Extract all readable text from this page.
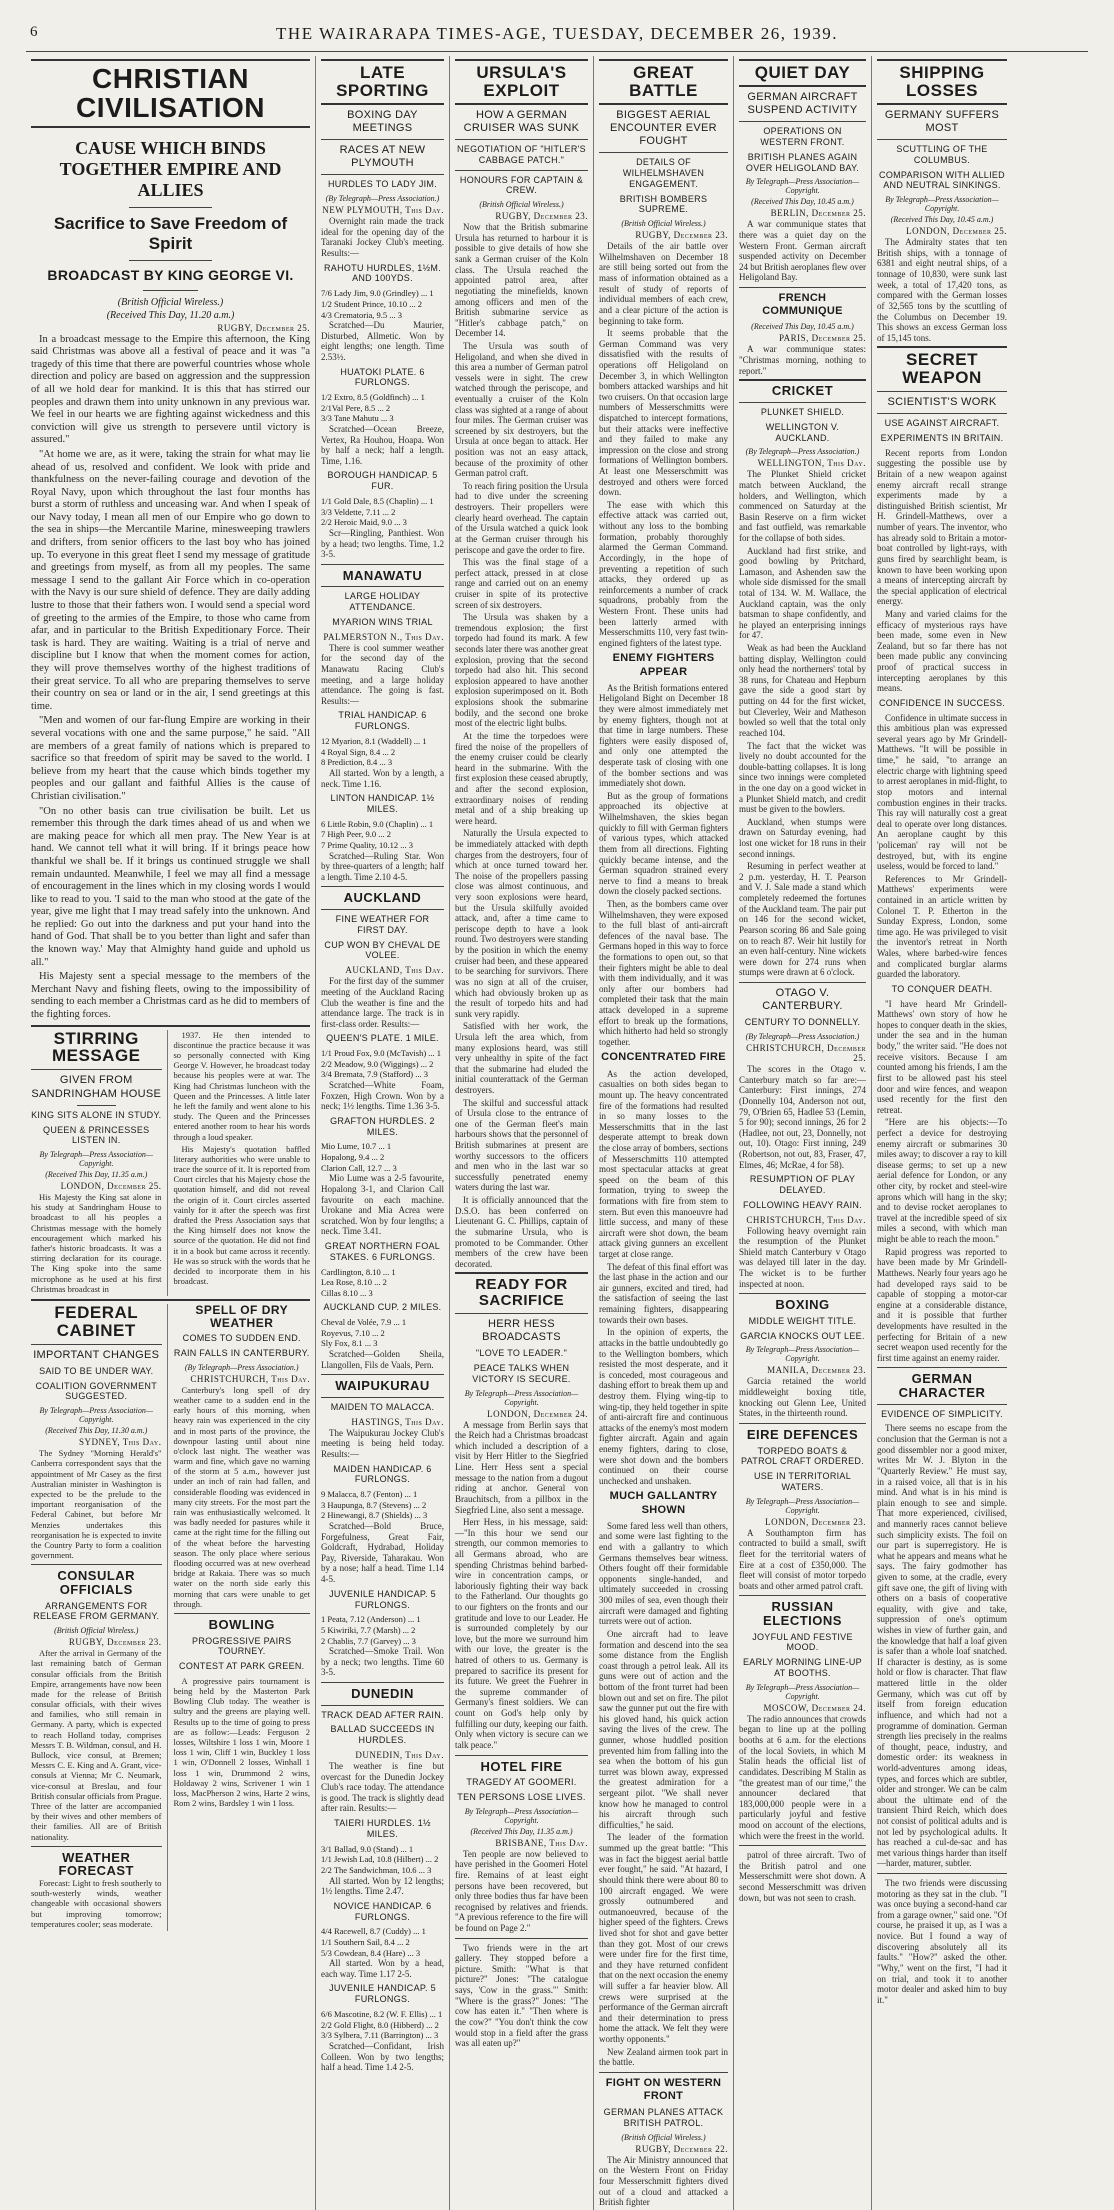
6	THE WAIRARAPA TIMES-AGE, TUESDAY, DECEMBER 26, 1939.
CHRISTIAN CIVILISATION
CAUSE WHICH BINDS TOGETHER EMPIRE AND ALLIES
Sacrifice to Save Freedom of Spirit
BROADCAST BY KING GEORGE VI.
(British Official Wireless.)
(Received This Day, 11.20 a.m.)
RUGBY, December 25.

In a broadcast message to the Empire this afternoon, the King said Christmas was above all a festival of peace and it was "a tragedy of this time that there are powerful countries whose whole direction and policy are based on aggression and the suppression of all we hold dear for mankind. It is this that has stirred our peoples and drawn them into unity unknown in any previous war. We feel in our hearts we are fighting against wickedness and this conviction will give us strength to persevere until victory is assured."

"At home we are, as it were, taking the strain for what may lie ahead of us, resolved and confident. We look with pride and thankfulness on the never-failing courage and devotion of the Royal Navy, upon which throughout the last four months has burst a storm of ruthless and unceasing war. And when I speak of our Navy today, I mean all men of our Empire who go down to the sea in ships—the Mercantile Marine, minesweeping trawlers and drifters, from senior officers to the last boy who has joined up. To everyone in this great fleet I send my message of gratitude and greetings from myself, as from all my peoples. The same message I send to the gallant Air Force which in co-operation with the Navy is our sure shield of defence. They are daily adding lustre to those that their fathers won. I would send a special word of greeting to the armies of the Empire, to those who came from afar, and in particular to the British Expeditionary Force. Their task is hard. They are waiting. Waiting is a trial of nerve and discipline but I know that when the moment comes for action, they will prove themselves worthy of the highest traditions of their great service. To all who are preparing themselves to serve their country on sea or land or in the air, I send greetings at this time.

"Men and women of our far-flung Empire are working in their several vocations with one and the same purpose," he said. "All are members of a great family of nations which is prepared to sacrifice so that freedom of spirit may be saved to the world. I believe from my heart that the cause which binds together my peoples and our gallant and faithful Allies is the cause of Christian civilisation."

"On no other basis can true civilisation be built. Let us remember this through the dark times ahead of us and when we are making peace for which all men pray. The New Year is at hand. We cannot tell what it will bring. If it brings peace how thankful we shall be. If it brings us continued struggle we shall remain undaunted. Meanwhile, I feel we may all find a message of encouragement in the lines which in my closing words I would like to read to you. 'I said to the man who stood at the gate of the year, give me light that I may tread safely into the unknown. And he replied: Go out into the darkness and put your hand into the hand of God. That shall be to you better than light and safer than the known way.' May that Almighty hand guide and uphold us all."

His Majesty sent a special message to the members of the Merchant Navy and fishing fleets, owing to the impossibility of sending to each member a Christmas card as he did to members of the fighting forces.

STIRRING MESSAGE
GIVEN FROM SANDRINGHAM HOUSE
KING SITS ALONE IN STUDY.
QUEEN & PRINCESSES LISTEN IN.
By Telegraph—Press Association—Copyright.
(Received This Day, 11.35 a.m.)
LONDON, December 25.

His Majesty the King sat alone in his study at Sandringham House to broadcast to all his peoples a Christmas message with the homely encouragement which marked his father's historic broadcasts. It was a stirring declaration for its courage. The King spoke into the same microphone as he used at his first Christmas broadcast in

1937. He then intended to discontinue the practice because it was so personally connected with King George V. However, he broadcast today because his peoples were at war. The King had Christmas luncheon with the Queen and the Princesses. A little later he left the family and went alone to his study. The Queen and the Princesses entered another room to hear his words through a loud speaker.

His Majesty's quotation baffled literary authorities who were unable to trace the source of it. It is reported from Court circles that his Majesty chose the quotation himself, and did not reveal the origin of it. Court circles asserted vainly for it after the speech was first drafted the Press Association says that the King himself does not know the source of the quotation. He did not find it in a book but came across it recently. He was so struck with the words that he decided to incorporate them in his broadcast.

FEDERAL CABINET
IMPORTANT CHANGES
SAID TO BE UNDER WAY.
COALITION GOVERNMENT SUGGESTED.
By Telegraph—Press Association—Copyright.
(Received This Day, 11.30 a.m.)
SYDNEY, This Day.

The Sydney "Morning Herald's" Canberra correspondent says that the appointment of Mr Casey as the first Australian minister in Washington is expected to be the prelude to the important reorganisation of the Federal Cabinet, but before Mr Menzies undertakes this reorganisation he is expected to invite the Country Party to form a coalition government.

CONSULAR OFFICIALS
ARRANGEMENTS FOR RELEASE FROM GERMANY.
(British Official Wireless.)
RUGBY, December 23.

After the arrival in Germany of the last remaining batch of German consular officials from the British Empire, arrangements have now been made for the release of British consular officials, with their wives and families, who still remain in Germany. A party, which is expected to reach Holland today, comprises Messrs T. B. Wildman, consul, and H. Bullock, vice consul, at Bremen; Messrs C. E. King and A. Grant, vice-consuls at Vienna; Mr C. Neumark, vice-consul at Breslau, and four British consular officials from Prague. Three of the latter are accompanied by their wives and other members of their families. All are of British nationality.

WEATHER FORECAST

Forecast: Light to fresh southerly to south-westerly winds, weather changeable with occasional showers but improving tomorrow; temperatures cooler; seas moderate.

SPELL OF DRY WEATHER
COMES TO SUDDEN END.
RAIN FALLS IN CANTERBURY.
(By Telegraph—Press Association.)
CHRISTCHURCH, This Day.

Canterbury's long spell of dry weather came to a sudden end in the early hours of this morning, when heavy rain was experienced in the city and in most parts of the province, the downpour lasting until about nine o'clock last night. The weather was warm and fine, which gave no warning of the storm at 5 a.m., however just under an inch of rain had fallen, and considerable flooding was evidenced in many city streets. For the most part the rain was enthusiastically welcomed. It was badly needed for pastures while it came at the right time for the filling out of the wheat before the harvesting season. The only place where serious flooding occurred was at new overhead bridge at Rakaia. There was so much water on the north side early this morning that cars were unable to get through.

BOWLING
PROGRESSIVE PAIRS TOURNEY.
CONTEST AT PARK GREEN.

A progressive pairs tournament is being held by the Masterton Park Bowling Club today. The weather is sultry and the greens are playing well. Results up to the time of going to press are as follow:—Leads: Ferguson 2 losses, Wiltshire 1 loss 1 win, Moore 1 loss 1 win, Cliff 1 win, Buckley 1 loss 1 win, O'Donnell 2 losses, Winhall 1 loss 1 win, Drummond 2 wins, Holdaway 2 wins, Scrivener 1 win 1 loss, MacPherson 2 wins, Harte 2 wins, Rom 2 wins, Bardsley 1 win 1 loss.

LATE SPORTING
BOXING DAY MEETINGS
RACES AT NEW PLYMOUTH
HURDLES TO LADY JIM.
(By Telegraph—Press Association.)
NEW PLYMOUTH, This Day.

Overnight rain made the track ideal for the opening day of the Taranaki Jockey Club's meeting. Results:—

RAHOTU HURDLES, 1½M. AND 100YDS.
7/6 Lady Jim, 9.0 (Grindley) ... 1
1/2 Student Prince, 10.10 ... 2
4/3 Crematoria, 9.5 ... 3

Scratched—Du Maurier, Disturbed, Allmetic. Won by eight lengths; one length. Time 2.53½.

HUATOKI PLATE. 6 FURLONGS.
1/2 Extro, 8.5 (Goldfinch) ... 1
2/1Val Pere, 8.5 ... 2
3/3 Tane Mahutu ... 3

Scratched—Ocean Breeze, Vertex, Ra Houhou, Hoapa. Won by half a neck; half a length. Time, 1.16.

BOROUGH HANDICAP. 5 FUR.
1/1 Gold Dale, 8.5 (Chaplin) ... 1
3/3 Veldette, 7.11 ... 2
2/2 Heroic Maid, 9.0 ... 3

Scr—Ringling, Panthiest. Won by a head; two lengths. Time, 1.2 3-5.

MANAWATU
LARGE HOLIDAY ATTENDANCE.
MYARION WINS TRIAL
PALMERSTON N., This Day.

There is cool summer weather for the second day of the Manawatu Racing Club's meeting, and a large holiday attendance. The going is fast. Results:—

TRIAL HANDICAP. 6 FURLONGS.
12 Myarion, 8.1 (Waddell) ... 1
4 Royal Sign, 8.4 ... 2
8 Prediction, 8.4 ... 3

All started. Won by a length, a neck. Time 1.16.

LINTON HANDICAP. 1½ MILES.
6 Little Robin, 9.0 (Chaplin) ... 1
7 High Peer, 9.0 ... 2
7 Prime Quality, 10.12 ... 3

Scratched—Ruling Star. Won by three-quarters of a length; half a length. Time 2.10 4-5.

AUCKLAND
FINE WEATHER FOR FIRST DAY.
CUP WON BY CHEVAL DE VOLEE.
AUCKLAND, This Day.

For the first day of the summer meeting of the Auckland Racing Club the weather is fine and the attendance large. The track is in first-class order. Results:—

QUEEN'S PLATE. 1 MILE.
1/1 Proud Fox, 9.0 (McTavish) ... 1
2/2 Meadow, 9.0 (Wiggings) ... 2
3/4 Bremata, 7.9 (Stafford) ... 3

Scratched—White Foam, Foxzen, High Crown. Won by a neck; 1½ lengths. Time 1.36 3-5.

GRAFTON HURDLES. 2 MILES.
Mio Lume, 10.7 ... 1
Hopalong, 9.4 ... 2
Clarion Call, 12.7 ... 3

Mio Lume was a 2-5 favourite, Hopalong 3-1, and Clarion Call favourite on each machine. Urokane and Mia Acrea were scratched. Won by four lengths; a neck. Time 3.41.

GREAT NORTHERN FOAL STAKES. 6 FURLONGS.
Cardlington, 8.10 ... 1
Lea Rose, 8.10 ... 2
Cillas 8.10 ... 3
AUCKLAND CUP. 2 MILES.
Cheval de Volée, 7.9 ... 1
Royevus, 7.10 ... 2
Sly Fox, 8.1 ... 3

Scratched—Golden Sheila, Llangollen, Fils de Vaals, Pern.

WAIPUKURAU
MAIDEN TO MALACCA.
HASTINGS, This Day.

The Waipukurau Jockey Club's meeting is being held today. Results:—

MAIDEN HANDICAP. 6 FURLONGS.
9 Malacca, 8.7 (Fenton) ... 1
3 Haupunga, 8.7 (Stevens) ... 2
2 Hinewangi, 8.7 (Shields) ... 3

Scratched—Bold Bruce, Forgefulness, Great Fair, Goldcraft, Hydrabad, Holiday Pay, Riverside, Taharakau. Won by a nose; half a head. Time 1.14 4-5.

JUVENILE HANDICAP. 5 FURLONGS.
1 Peata, 7.12 (Anderson) ... 1
5 Kiwiriki, 7.7 (Marsh) ... 2
2 Chablis, 7.7 (Garvey) ... 3

Scratched—Smoke Trail. Won by a neck; two lengths. Time 60 3-5.

DUNEDIN
TRACK DEAD AFTER RAIN.
BALLAD SUCCEEDS IN HURDLES.
DUNEDIN, This Day.

The weather is fine but overcast for the Dunedin Jockey Club's race today. The attendance is good. The track is slightly dead after rain. Results:—

TAIERI HURDLES. 1½ MILES.
3/1 Ballad, 9.0 (Stand) ... 1
1/1 Jewish Lad, 10.8 (Hilbert) ... 2
2/2 The Sandwichman, 10.6 ... 3

All started. Won by 12 lengths; 1½ lengths. Time 2.47.

NOVICE HANDICAP. 6 FURLONGS.
4/4 Racewell, 8.7 (Cuddy) ... 1
1/1 Southern Sail, 8.4 ... 2
5/3 Cowdean, 8.4 (Hare) ... 3

All started. Won by a head, each way. Time 1.17 2-5.

JUVENILE HANDICAP. 5 FURLONGS.
6/6 Mascotine, 8.2 (W. F. Ellis) ... 1
2/2 Gold Flight, 8.0 (Hibberd) ... 2
3/3 Sylbera, 7.11 (Barrington) ... 3

Scratched—Confidant, Irish Colleen. Won by two lengths; half a head. Time 1.4 2-5.

URSULA'S EXPLOIT
HOW A GERMAN CRUISER WAS SUNK
NEGOTIATION OF "HITLER'S CABBAGE PATCH."
HONOURS FOR CAPTAIN & CREW.
(British Official Wireless.)
RUGBY, December 23.

Now that the British submarine Ursula has returned to harbour it is possible to give details of how she sank a German cruiser of the Koln class. The Ursula reached the appointed patrol area, after negotiating the minefields, known among officers and men of the British submarine service as "Hitler's cabbage patch," on December 14.

The Ursula was south of Heligoland, and when she dived in this area a number of German patrol vessels were in sight. The crew watched through the periscope, and eventually a cruiser of the Koln class was sighted at a range of about four miles. The German cruiser was screened by six destroyers, but the Ursula at once began to attack. Her position was not an easy attack, because of the proximity of other German patrol craft.

To reach firing position the Ursula had to dive under the screening destroyers. Their propellers were clearly heard overhead. The captain of the Ursula watched a quick look at the German cruiser through his periscope and gave the order to fire.

This was the final stage of a perfect attack, pressed in at close range and carried out on an enemy cruiser in spite of its protective screen of six destroyers.

The Ursula was shaken by a tremendous explosion; the first torpedo had found its mark. A few seconds later there was another great explosion, proving that the second torpedo had also hit. This second explosion appeared to have another explosion superimposed on it. Both explosions shook the submarine bodily, and the second one broke most of the electric light bulbs.

At the time the torpedoes were fired the noise of the propellers of the enemy cruiser could be clearly heard in the submarine. With the first explosion these ceased abruptly, and after the second explosion, extraordinary noises of rending metal and of a ship breaking up were heard.

Naturally the Ursula expected to be immediately attacked with depth charges from the destroyers, four of which at once turned toward her. The noise of the propellers passing close was almost continuous, and very soon explosions were heard, but the Ursula skilfully avoided attack, and, after a time came to periscope depth to have a look round. Two destroyers were standing by the position in which the enemy cruiser had been, and these appeared to be searching for survivors. There was no sign at all of the cruiser, which had obviously broken up as the result of torpedo hits and had sunk very rapidly.

Satisfied with her work, the Ursula left the area which, from many explosions heard, was still very unhealthy in spite of the fact that the submarine had eluded the initial counterattack of the German destroyers.

The skilful and successful attack of Ursula close to the entrance of one of the German fleet's main harbours shows that the personnel of British submarines at present are worthy successors to the officers and men who in the last war so successfully penetrated enemy waters during the last war.

It is officially announced that the D.S.O. has been conferred on Lieutenant G. C. Phillips, captain of the submarine Ursula, who is promoted to be Commander. Other members of the crew have been decorated.

READY FOR SACRIFICE
HERR HESS BROADCASTS
"LOVE TO LEADER."
PEACE TALKS WHEN VICTORY IS SECURE.
By Telegraph—Press Association—Copyright.
LONDON, December 24.

A message from Berlin says that the Reich had a Christmas broadcast which included a description of a visit by Herr Hitler to the Siegfried Line. Herr Hess sent a special message to the nation from a dugout riding at anchor. General von Brauchitsch, from a pillbox in the Siegfried Line, also sent a message.

Herr Hess, in his message, said:—"In this hour we send our strength, our common memories to all Germans abroad, who are spending Christmas behind barbed-wire in concentration camps, or laboriously fighting their way back to the Fatherland. Our thoughts go to our fighters on the fronts and our gratitude and love to our Leader. He is surrounded completely by our love, but the more we surround him with our love, the greater is the hatred of others to us. Germany is prepared to sacrifice its present for its future. We greet the Fuehrer in the supreme commander of Germany's finest soldiers. We can count on God's help only by fulfilling our duty, keeping our faith. Only when victory is secure can we talk peace."

HOTEL FIRE
TRAGEDY AT GOOMERI.
TEN PERSONS LOSE LIVES.
By Telegraph—Press Association—Copyright.
(Received This Day, 11.35 a.m.)
BRISBANE, This Day.

Ten people are now believed to have perished in the Goomeri Hotel fire. Remains of at least eight persons have been recovered, but only three bodies thus far have been recognised by relatives and friends. "A previous reference to the fire will be found on Page 2."

Two friends were in the art gallery. They stopped before a picture. Smith: "What is that picture?" Jones: "The catalogue says, 'Cow in the grass.'" Smith: "Where is the grass?" Jones: "The cow has eaten it." "Then where is the cow?" "You don't think the cow would stop in a field after the grass was all eaten up?"

GREAT BATTLE
BIGGEST AERIAL ENCOUNTER EVER FOUGHT
DETAILS OF WILHELMSHAVEN ENGAGEMENT.
BRITISH BOMBERS SUPREME.
(British Official Wireless.)
RUGBY, December 23.

Details of the air battle over Wilhelmshaven on December 18 are still being sorted out from the mass of information obtained as a result of study of reports of individual members of each crew, and a clear picture of the action is beginning to take form.

It seems probable that the German Command was very dissatisfied with the results of operations off Heligoland on December 3, in which Wellington bombers attacked warships and hit two cruisers. On that occasion large numbers of Messerschmitts were dispatched to intercept formations, but their attacks were ineffective and they failed to make any impression on the close and strong formations of Wellington bombers. At least one Messerschmitt was destroyed and others were forced down.

The ease with which this effective attack was carried out, without any loss to the bombing formation, probably thoroughly alarmed the German Command. Accordingly, in the hope of preventing a repetition of such attacks, they ordered up as reinforcements a number of crack squadrons, probably from the Western Front. These units had been latterly armed with Messerschmitts 110, very fast twin-engined fighters of the latest type.

ENEMY FIGHTERS APPEAR

As the British formations entered Heligoland Bight on December 18 they were almost immediately met by enemy fighters, though not at that time in large numbers. These fighters were easily disposed of, and only one attempted the desperate task of closing with one of the bomber sections and was immediately shot down.

But as the group of formations approached its objective at Wilhelmshaven, the skies began quickly to fill with German fighters of various types, which attacked them from all directions. Fighting quickly became intense, and the German squadron strained every nerve to find a means to break down the closely packed sections.

Then, as the bombers came over Wilhelmshaven, they were exposed to the full blast of anti-aircraft defences of the naval base. The Germans hoped in this way to force the formations to open out, so that their fighters might be able to deal with them individually, and it was only after our bombers had completed their task that the main attack developed in a supreme effort to break up the formations, which hitherto had held so strongly together.

CONCENTRATED FIRE

As the action developed, casualties on both sides began to mount up. The heavy concentrated fire of the formations had resulted in so many losses to the Messerschmitts that in the last desperate attempt to break down the close array of bombers, sections of Messerschmitts 110 attempted most spectacular attacks at great speed on the beam of this formation, trying to sweep the formations with fire from stem to stern. But even this manoeuvre had little success, and many of these aircraft were shot down, the beam attack giving gunners an excellent target at close range.

The defeat of this final effort was the last phase in the action and our air gunners, excited and tired, had the satisfaction of seeing the last remaining fighters, disappearing towards their own bases.

In the opinion of experts, the attacks in the battle undoubtedly go to the Wellington bombers, which resisted the most desperate, and it is conceded, most courageous and dashing effort to break them up and destroy them. Flying wing-tip to wing-tip, they held together in spite of anti-aircraft fire and continuous attacks of the enemy's most modern fighter aircraft. Again and again enemy fighters, daring to close, were shot down and the bombers continued on their course unchecked and unshaken.

MUCH GALLANTRY SHOWN

Some fared less well than others, and some were last fighting to the end with a gallantry to which Germans themselves bear witness. Others fought off their formidable opponents single-handed, and ultimately succeeded in crossing 300 miles of sea, even though their aircraft were damaged and fighting turrets were out of action.

One aircraft had to leave formation and descend into the sea some distance from the English coast through a petrol leak. All its guns were out of action and the bottom of the front turret had been blown out and set on fire. The pilot saw the gunner put out the fire with his gloved hand, his quick action saving the lives of the crew. The gunner, whose huddled position prevented him from falling into the sea when the bottom of his gun turret was blown away, expressed the greatest admiration for a sergeant pilot. "We shall never know how he managed to control his aircraft through such difficulties," he said.

The leader of the formation summed up the great battle: "This was in fact the biggest aerial battle ever fought," he said. "At hazard, I should think there were about 80 to 100 aircraft engaged. We were grossly outnumbered and outmanoeuvred, because of the higher speed of the fighters. Crews lived shot for shot and gave better than they got. Most of our crews were under fire for the first time, and they have returned confident that on the next occasion the enemy will suffer a far heavier blow. All crews were surprised at the performance of the German aircraft and their determination to press home the attack. We felt they were worthy opponents."

New Zealand airmen took part in the battle.

FIGHT ON WESTERN FRONT
GERMAN PLANES ATTACK BRITISH PATROL.
(British Official Wireless.)
RUGBY, December 22.

The Air Ministry announced that on the Western Front on Friday four Messerschmitt fighters dived out of a cloud and attacked a British fighter

QUIET DAY
GERMAN AIRCRAFT SUSPEND ACTIVITY
OPERATIONS ON WESTERN FRONT.
BRITISH PLANES AGAIN OVER HELIGOLAND BAY.
By Telegraph—Press Association—Copyright.
(Received This Day, 10.45 a.m.)
BERLIN, December 25.

A war communique states that there was a quiet day on the Western Front. German aircraft suspended activity on December 24 but British aeroplanes flew over Heligoland Bay.

FRENCH COMMUNIQUE
(Received This Day, 10.45 a.m.)
PARIS, December 25.

A war communique states: "Christmas morning, nothing to report."

CRICKET
PLUNKET SHIELD.
WELLINGTON V. AUCKLAND.
(By Telegraph—Press Association.)
WELLINGTON, This Day.

The Plunket Shield cricket match between Auckland, the holders, and Wellington, which commenced on Saturday at the Basin Reserve on a firm wicket and fast outfield, was remarkable for the collapse of both sides.

Auckland had first strike, and good bowling by Pritchard, Lamason, and Ashenden saw the whole side dismissed for the small total of 134. W. M. Wallace, the Auckland captain, was the only batsman to shape confidently, and he played an enterprising innings for 47.

Weak as had been the Auckland batting display, Wellington could only head the northerners' total by 38 runs, for Chateau and Hepburn gave the side a good start by putting on 44 for the first wicket, but Cleverley, Weir and Matheson bowled so well that the total only reached 104.

The fact that the wicket was lively no doubt accounted for the double-batting collapses. It is long since two innings were completed in the one day on a good wicket in a Plunket Shield match, and credit must be given to the bowlers.

Auckland, when stumps were drawn on Saturday evening, had lost one wicket for 18 runs in their second innings.

Resuming in perfect weather at 2 p.m. yesterday, H. T. Pearson and V. J. Sale made a stand which completely redeemed the fortunes of the Auckland team. The pair put on 146 for the second wicket, Pearson scoring 86 and Sale going on to reach 87. Weir hit lustily for an even half-century. Nine wickets were down for 274 runs when stumps were drawn at 6 o'clock.

OTAGO V. CANTERBURY.
CENTURY TO DONNELLY.
(By Telegraph—Press Association.)
CHRISTCHURCH, December 25.

The scores in the Otago v. Canterbury match so far are:—Canterbury: First innings, 274 (Donnelly 104, Anderson not out, 79, O'Brien 65, Hadlee 53 (Lemin, 5 for 90); second innings, 26 for 2 (Hadlee, not out, 23, Donnelly, not out, 10). Otago: First inning, 249 (Robertson, not out, 83, Fraser, 47, Elmes, 46; McRae, 4 for 58).

RESUMPTION OF PLAY DELAYED.
FOLLOWING HEAVY RAIN.
CHRISTCHURCH, This Day.

Following heavy overnight rain the resumption of the Plunket Shield match Canterbury v Otago was delayed till later in the day. The wicket is to be further inspected at noon.

BOXING
MIDDLE WEIGHT TITLE.
GARCIA KNOCKS OUT LEE.
By Telegraph—Press Association—Copyright.
MANILA, December 23.

Garcia retained the world middleweight boxing title, knocking out Glenn Lee, United States, in the thirteenth round.

EIRE DEFENCES
TORPEDO BOATS & PATROL CRAFT ORDERED.
USE IN TERRITORIAL WATERS.
By Telegraph—Press Association—Copyright.
LONDON, December 23.

A Southampton firm has contracted to build a small, swift fleet for the territorial waters of Eire at a cost of £350,000. The fleet will consist of motor torpedo boats and other armed patrol craft.

RUSSIAN ELECTIONS
JOYFUL AND FESTIVE MOOD.
EARLY MORNING LINE-UP AT BOOTHS.
By Telegraph—Press Association—Copyright.
MOSCOW, December 24.

The radio announces that crowds began to line up at the polling booths at 6 a.m. for the elections of the local Soviets, in which M Stalin heads the official list of candidates. Describing M Stalin as "the greatest man of our time," the announcer declared that 183,000,000 people were in a particularly joyful and festive mood on account of the elections, which were the freest in the world.

patrol of three aircraft. Two of the British patrol and one Messerschmitt were shot down. A second Messerschmitt was driven down, but was not seen to crash.

SHIPPING LOSSES
GERMANY SUFFERS MOST
SCUTTLING OF THE COLUMBUS.
COMPARISON WITH ALLIED AND NEUTRAL SINKINGS.
By Telegraph—Press Association—Copyright.
(Received This Day, 10.45 a.m.)
LONDON, December 25.

The Admiralty states that ten British ships, with a tonnage of 6381 and eight neutral ships, of a tonnage of 10,830, were sunk last week, a total of 17,420 tons, as compared with the German losses of 32,565 tons by the scuttling of the Columbus on December 19. This shows an excess German loss of 15,145 tons.

SECRET WEAPON
SCIENTIST'S WORK
USE AGAINST AIRCRAFT.
EXPERIMENTS IN BRITAIN.

Recent reports from London suggesting the possible use by Britain of a new weapon against enemy aircraft recall strange experiments made by a distinguished British scientist, Mr H. Grindell-Matthews, over a number of years. The inventor, who has already sold to Britain a motor-boat controlled by light-rays, with guns fired by searchlight beam, is known to have been working upon a means of intercepting aircraft by the special application of electrical energy.

Many and varied claims for the efficacy of mysterious rays have been made, some even in New Zealand, but so far there has not been made public any convincing proof of practical success in intercepting aeroplanes by this means.

CONFIDENCE IN SUCCESS.

Confidence in ultimate success in this ambitious plan was expressed several years ago by Mr Grindell-Matthews. "It will be possible in time," he said, "to arrange an electric charge with lightning speed to arrest aeroplanes in mid-flight, to stop motors and internal combustion engines in their tracks. This ray will naturally cost a great deal to operate over long distances. An aeroplane caught by this 'policeman' ray will not be destroyed, but, with its engine useless, would be forced to land."

References to Mr Grindell-Matthews' experiments were contained in an article written by Colonel T. P. Etherton in the Sunday Express, London, some time ago. He was privileged to visit the inventor's retreat in North Wales, where barbed-wire fences and complicated burglar alarms guarded the laboratory.

TO CONQUER DEATH.

"I have heard Mr Grindell-Matthews' own story of how he hopes to conquer death in the skies, under the sea and in the human body," the writer said. "He does not receive visitors. Because I am counted among his friends, I am the first to be allowed past his steel door and wire fences, and weapon used recently for the first den retreat.

"Here are his objects:—To perfect a device for destroying enemy aircraft or submarines 30 miles away; to discover a ray to kill disease germs; to set up a new aerial defence for London, or any other city, by rocket and steel-wire aprons which will hang in the sky; and to devise rocket aeroplanes to travel at the incredible speed of six miles a second, with which man might be able to reach the moon."

Rapid progress was reported to have been made by Mr Grindell-Matthews. Nearly four years ago he had developed rays said to be capable of stopping a motor-car engine at a considerable distance, and it is possible that further developments have resulted in the perfecting for Britain of a new secret weapon used recently for the first time against an enemy raider.

GERMAN CHARACTER
EVIDENCE OF SIMPLICITY.

There seems no escape from the conclusion that the German is not a good dissembler nor a good mixer, writes Mr W. J. Blyton in the "Quarterly Review." He must say, in a raised voice, all that is in his mind. And what is in his mind is plain enough to see and simple. That more experienced, civilised, and mannerly races cannot believe such simplicity exists. The foil on our part is superregistory. He is what he appears and means what he says. The fairy godmother has given to some, at the cradle, every gift save one, the gift of living with others on a basis of cooperative equality, with give and take, suppression of one's optimum wishes in view of further gain, and the knowledge that half a loaf given is safer than a whole loaf snatched. If character is destiny, as is some hold or flow is character. That flaw mattered little in the older Germany, which was cut off by itself from foreign education influence, and which had not a programme of domination. German strength lies precisely in the realms of thought, peace, industry, and domestic order: its weakness in world-adventures among ideas, types, and forces which are subtler, older and stronger. We can be calm about the ultimate end of the transient Third Reich, which does not consist of political adults and is not led by psychological adults. It has reached a cul-de-sac and has met various things harder than itself—harder, maturer, subtler.

The two friends were discussing motoring as they sat in the club. "I was once buying a second-hand car from a garage owner," said one. "Of course, he praised it up, as I was a novice. But I found a way of discovering absolutely all its faults." "How?" asked the other. "Why," went on the first, "I had it on trial, and took it to another motor dealer and asked him to buy it."
